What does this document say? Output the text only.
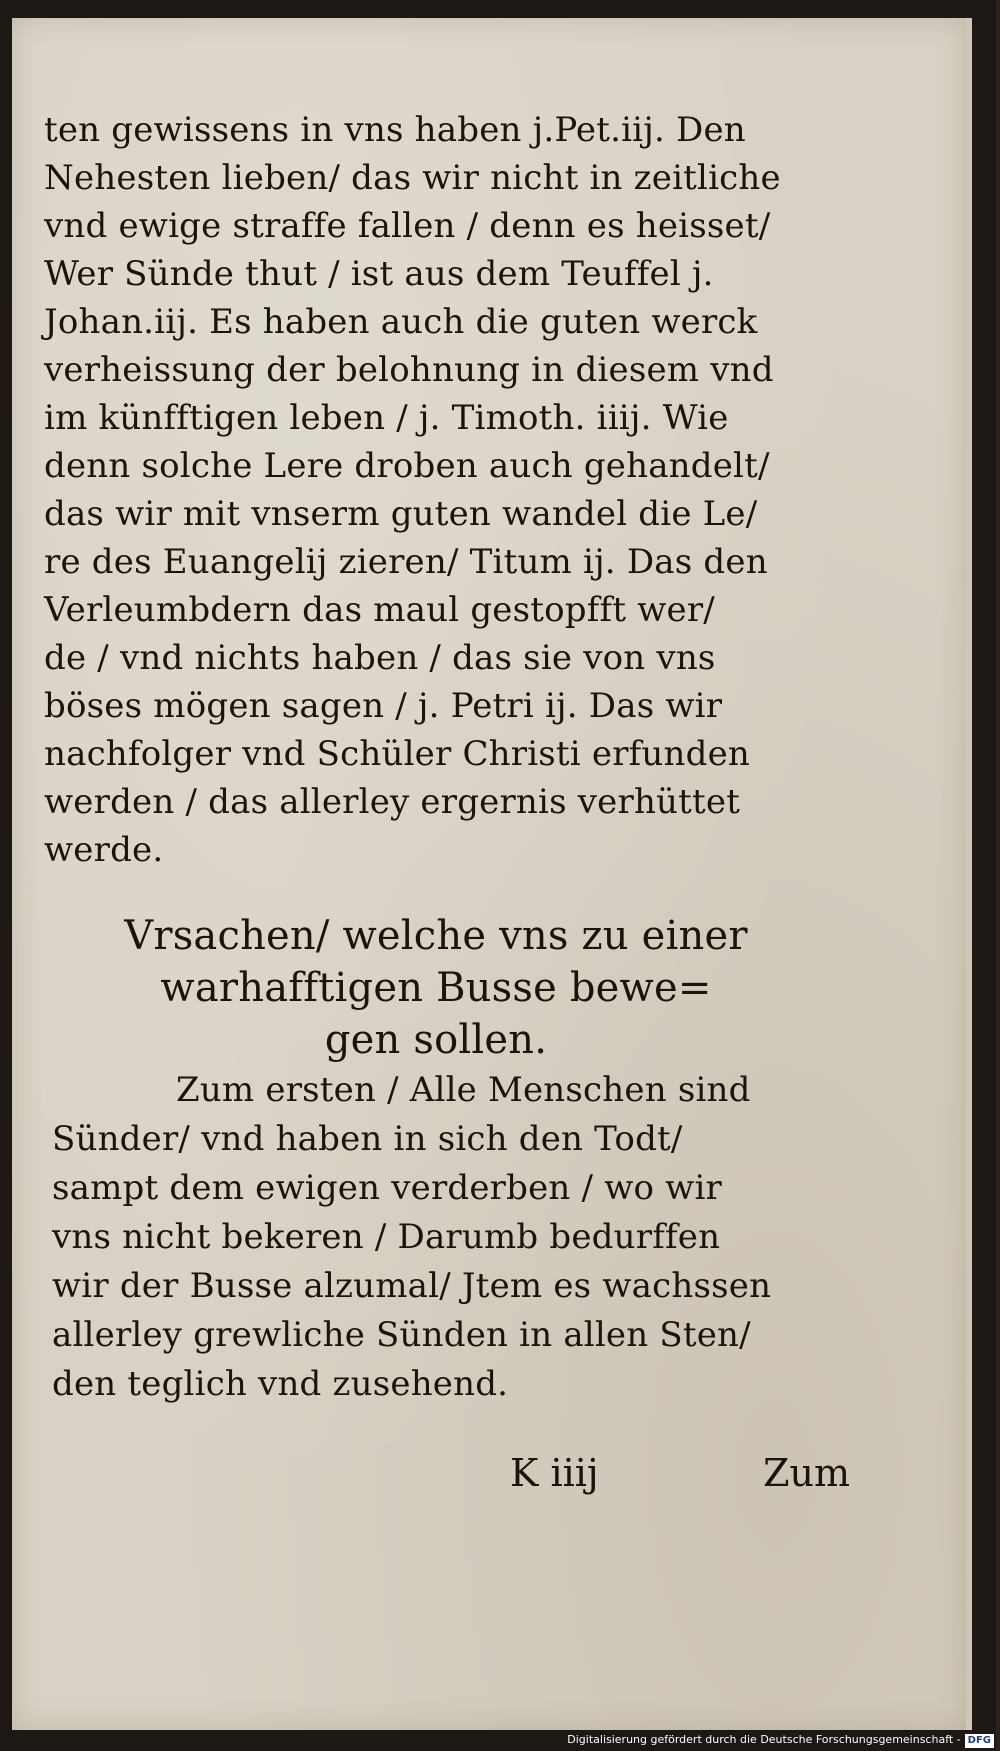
ten gewissens in vns haben j.Pet.iij. Den
Nehesten lieben/ das wir nicht in zeitliche
vnd ewige straffe fallen / denn es heisset/
Wer Sünde thut / ist aus dem Teuffel j.
Johan.iij. Es haben auch die guten werck
verheissung der belohnung in diesem vnd
im künfftigen leben / j. Timoth. iiij. Wie
denn solche Lere droben auch gehandelt/
das wir mit vnserm guten wandel die Le/
re des Euangelij zieren/ Titum ij. Das den
Verleumbdern das maul gestopfft wer/
de / vnd nichts haben / das sie von vns
böses mögen sagen / j. Petri ij. Das wir
nachfolger vnd Schüler Christi erfunden
werden / das allerley ergernis verhüttet
werde.
Vrsachen/ welche vns zu einer
warhafftigen Busse bewe=
gen sollen.
Zum ersten / Alle Menschen sind
Sünder/ vnd haben in sich den Todt/
sampt dem ewigen verderben / wo wir
vns nicht bekeren / Darumb bedurffen
wir der Busse alzumal/ Jtem es wachssen
allerley grewliche Sünden in allen Sten/
den teglich vnd zusehend.
K iiij	Zum
Digitalisierung gefördert durch die Deutsche Forschungsgemeinschaft - DFG
